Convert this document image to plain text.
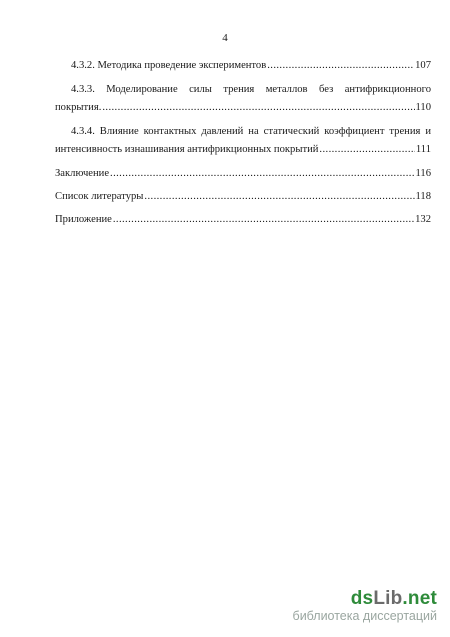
4
4.3.2. Методика проведение экспериментов .....	107
4.3.3. Моделирование силы трения металлов без антифрикционного
покрытия. .....	110
4.3.4. Влияние контактных давлений на статический коэффициент трения и
интенсивность изнашивания антифрикционных покрытий .....	111
Заключение .....	116
Список литературы .....	118
Приложение .....	132
dsLib.net
библиотека диссертаций
